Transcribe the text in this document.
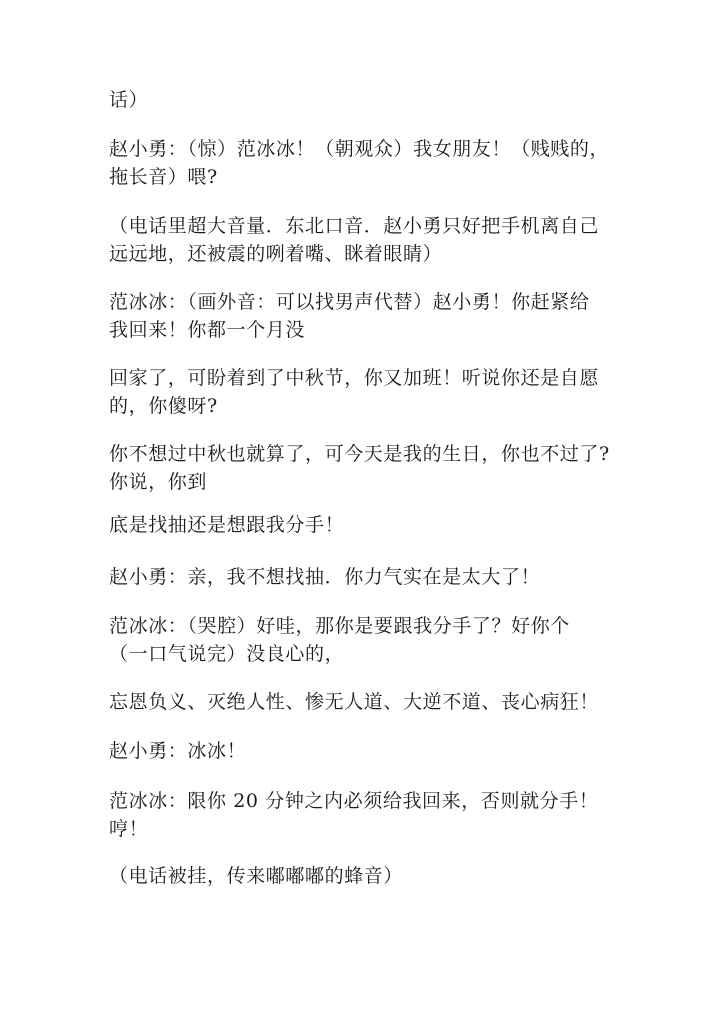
话）

赵小勇：（惊）范冰冰！（朝观众）我女朋友！（贱贱的，
拖长音）喂?

（电话里超大音量．东北口音．赵小勇只好把手机离自己
远远地，还被震的咧着嘴、眯着眼睛）

范冰冰：（画外音：可以找男声代替）赵小勇！你赶紧给
我回来！你都一个月没

回家了，可盼着到了中秋节，你又加班！听说你还是自愿
的，你傻呀?

你不想过中秋也就算了，可今天是我的生日，你也不过了?
你说，你到

底是找抽还是想跟我分手！

赵小勇：亲，我不想找抽．你力气实在是太大了！

范冰冰：（哭腔）好哇，那你是要跟我分手了？好你个
（一口气说完）没良心的，

忘恩负义、灭绝人性、惨无人道、大逆不道、丧心病狂！

赵小勇：冰冰！

范冰冰：限你 20 分钟之内必须给我回来，否则就分手！
哼！

（电话被挂，传来嘟嘟嘟的蜂音）
